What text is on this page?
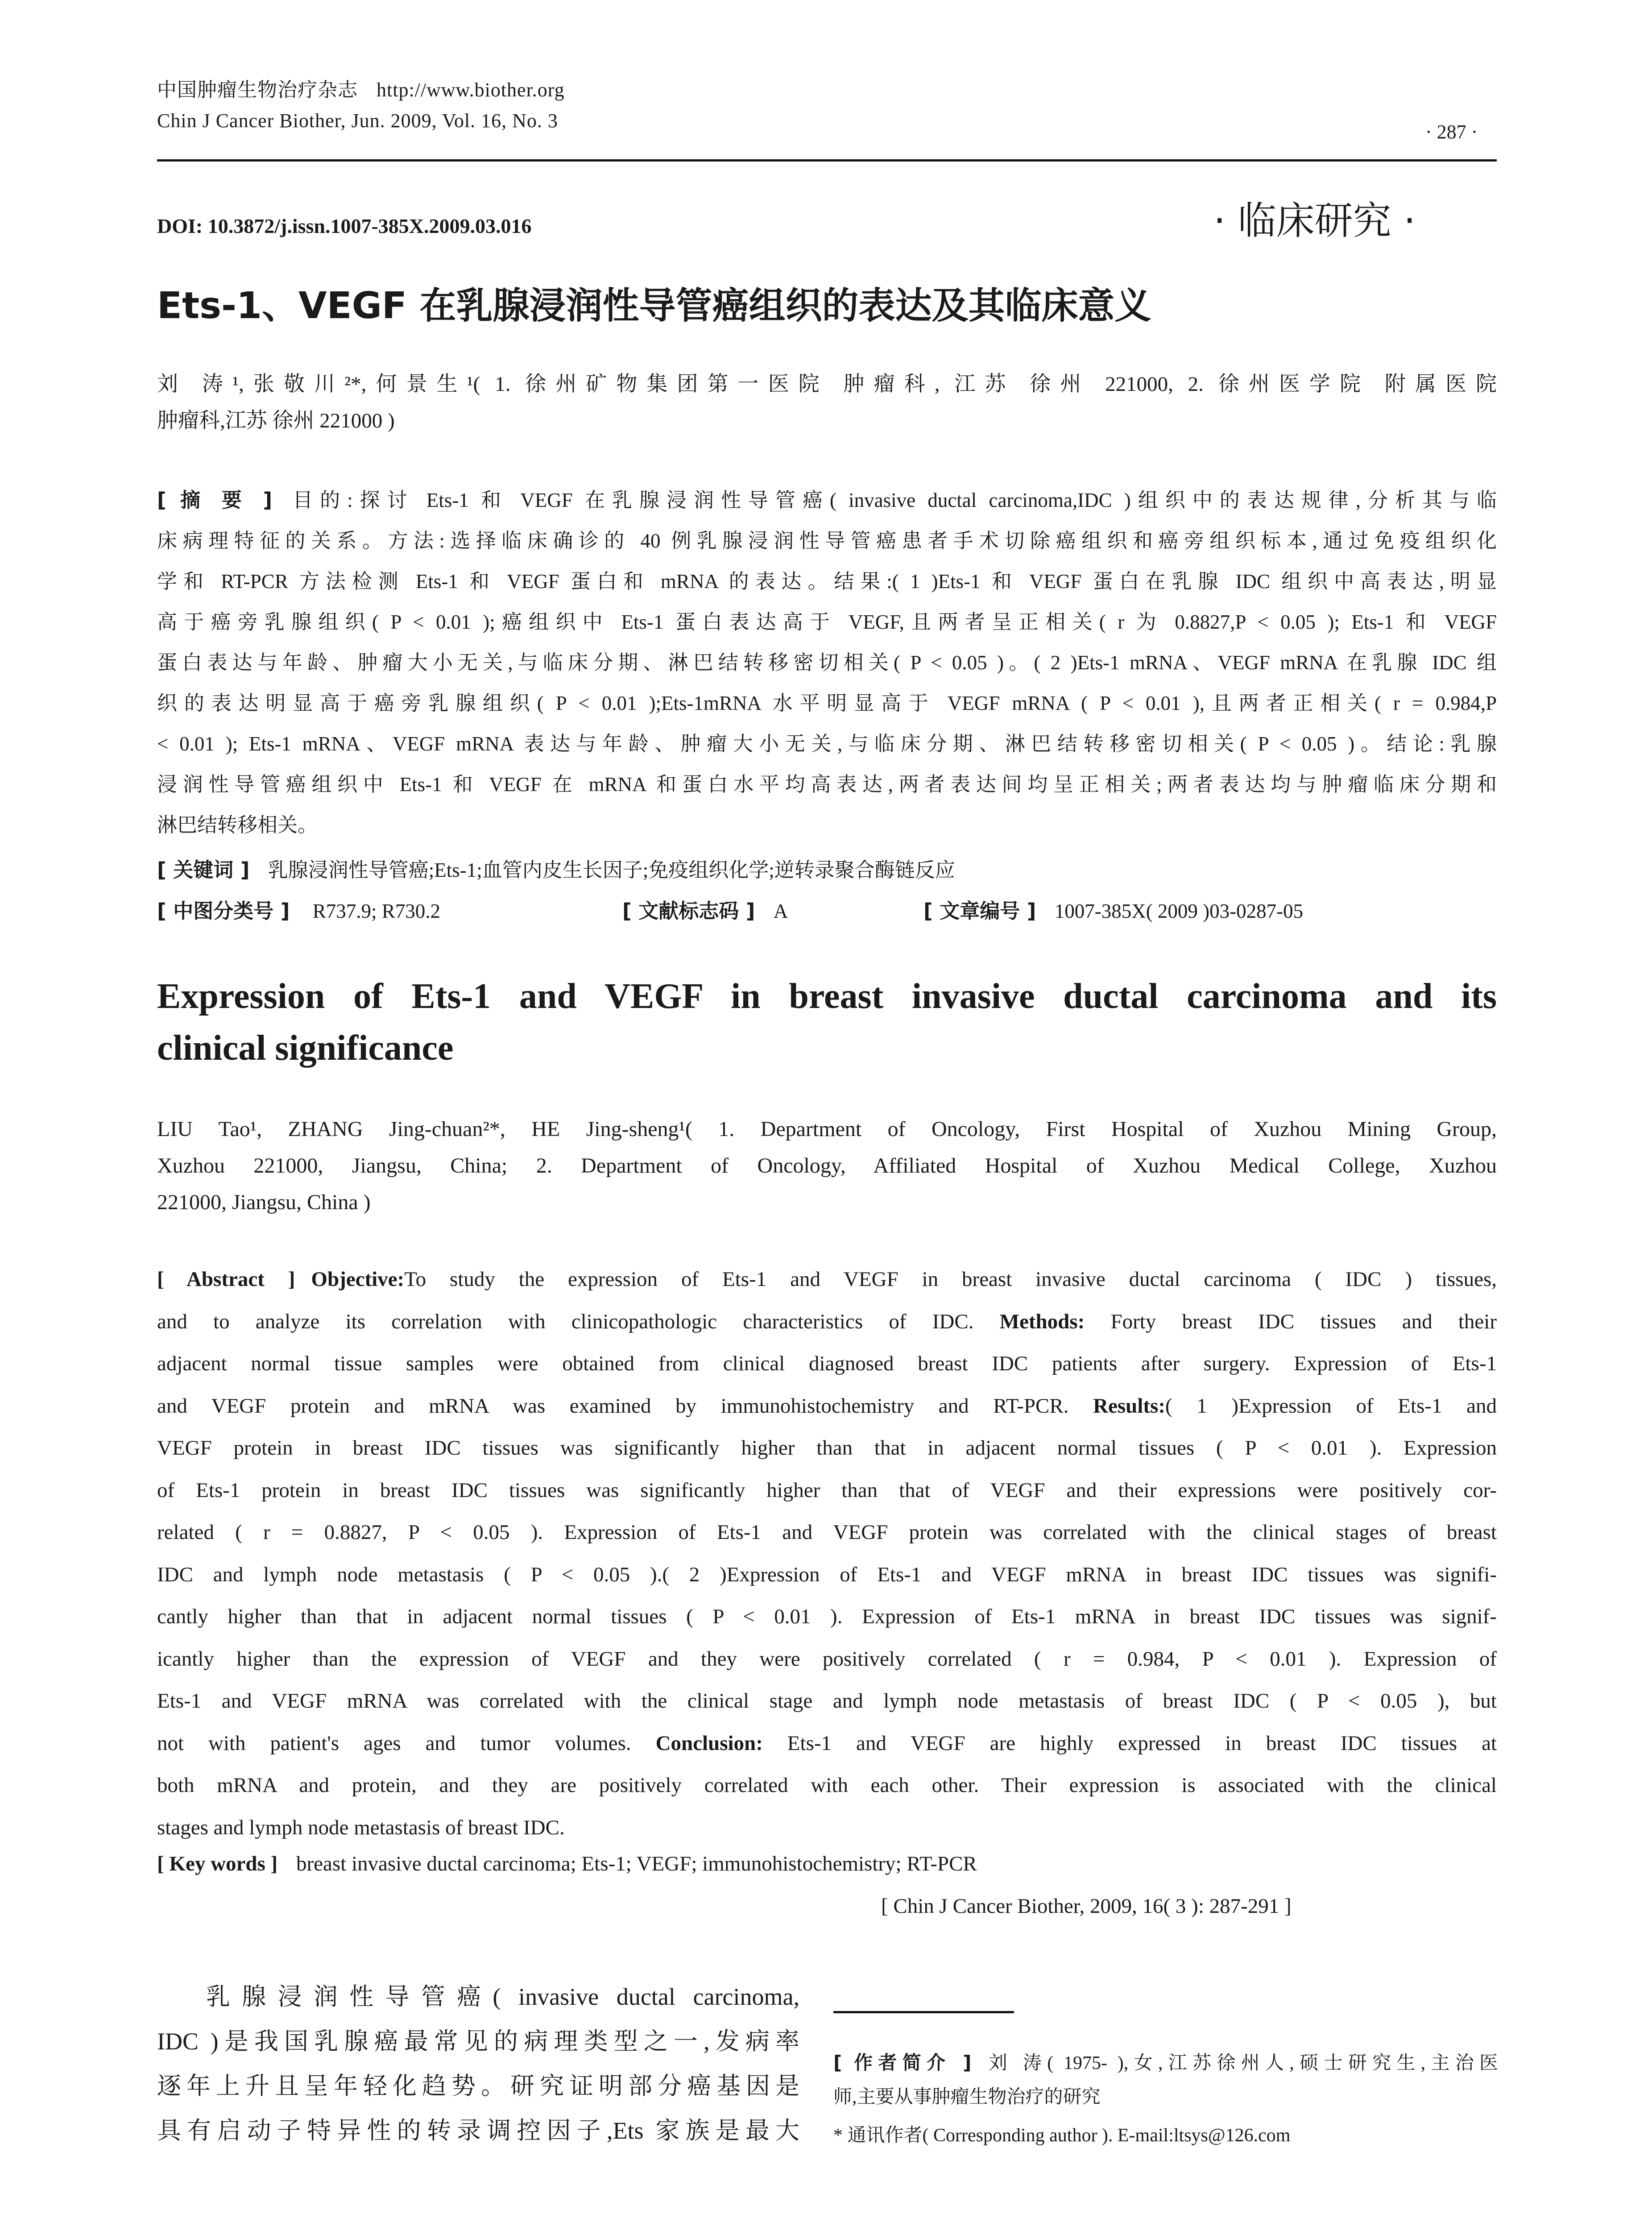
中国肿瘤生物治疗杂志 http://www.biother.org
Chin J Cancer Biother, Jun. 2009, Vol. 16, No. 3
· 287 ·
DOI: 10.3872/j.issn.1007-385X.2009.03.016	· 临床研究 ·
Ets-1、VEGF 在乳腺浸润性导管癌组织的表达及其临床意义
刘 涛¹,张敬川²*,何景生¹( 1. 徐州矿物集团第一医院 肿瘤科, 江苏 徐州 221000, 2. 徐州医学院 附属医院
肿瘤科,江苏 徐州 221000 )
[ 摘 要 ] 目的:探讨 Ets-1 和 VEGF 在乳腺浸润性导管癌( invasive ductal carcinoma,IDC )组织中的表达规律,分析其与临
床病理特征的关系。方法:选择临床确诊的 40 例乳腺浸润性导管癌患者手术切除癌组织和癌旁组织标本,通过免疫组织化
学和 RT-PCR 方法检测 Ets-1 和 VEGF 蛋白和 mRNA 的表达。结果:( 1 )Ets-1 和 VEGF 蛋白在乳腺 IDC 组织中高表达,明显
高于癌旁乳腺组织( P < 0.01 );癌组织中 Ets-1 蛋白表达高于 VEGF,且两者呈正相关( r 为 0.8827,P < 0.05 ); Ets-1 和 VEGF
蛋白表达与年龄、肿瘤大小无关,与临床分期、淋巴结转移密切相关( P < 0.05 )。( 2 )Ets-1 mRNA、VEGF mRNA 在乳腺 IDC 组
织的表达明显高于癌旁乳腺组织( P < 0.01 );Ets-1mRNA 水平明显高于 VEGF mRNA ( P < 0.01 ),且两者正相关( r = 0.984,P
< 0.01 ); Ets-1 mRNA、VEGF mRNA 表达与年龄、肿瘤大小无关,与临床分期、淋巴结转移密切相关( P < 0.05 )。结论:乳腺
浸润性导管癌组织中 Ets-1 和 VEGF 在 mRNA 和蛋白水平均高表达,两者表达间均呈正相关;两者表达均与肿瘤临床分期和
淋巴结转移相关。
[ 关键词 ] 乳腺浸润性导管癌;Ets-1;血管内皮生长因子;免疫组织化学;逆转录聚合酶链反应
[ 中图分类号 ] R737.9; R730.2	[ 文献标志码 ] A	[ 文章编号 ] 1007-385X( 2009 )03-0287-05
Expression of Ets-1 and VEGF in breast invasive ductal carcinoma and its
clinical significance
LIU Tao¹, ZHANG Jing-chuan²*, HE Jing-sheng¹( 1. Department of Oncology, First Hospital of Xuzhou Mining Group,
Xuzhou 221000, Jiangsu, China; 2. Department of Oncology, Affiliated Hospital of Xuzhou Medical College, Xuzhou
221000, Jiangsu, China )
[ Abstract ] Objective:To study the expression of Ets-1 and VEGF in breast invasive ductal carcinoma ( IDC ) tissues,
and to analyze its correlation with clinicopathologic characteristics of IDC. Methods: Forty breast IDC tissues and their
adjacent normal tissue samples were obtained from clinical diagnosed breast IDC patients after surgery. Expression of Ets-1
and VEGF protein and mRNA was examined by immunohistochemistry and RT-PCR. Results:( 1 )Expression of Ets-1 and
VEGF protein in breast IDC tissues was significantly higher than that in adjacent normal tissues ( P < 0.01 ). Expression
of Ets-1 protein in breast IDC tissues was significantly higher than that of VEGF and their expressions were positively cor-
related ( r = 0.8827, P < 0.05 ). Expression of Ets-1 and VEGF protein was correlated with the clinical stages of breast
IDC and lymph node metastasis ( P < 0.05 ).( 2 )Expression of Ets-1 and VEGF mRNA in breast IDC tissues was signifi-
cantly higher than that in adjacent normal tissues ( P < 0.01 ). Expression of Ets-1 mRNA in breast IDC tissues was signif-
icantly higher than the expression of VEGF and they were positively correlated ( r = 0.984, P < 0.01 ). Expression of
Ets-1 and VEGF mRNA was correlated with the clinical stage and lymph node metastasis of breast IDC ( P < 0.05 ), but
not with patient's ages and tumor volumes. Conclusion: Ets-1 and VEGF are highly expressed in breast IDC tissues at
both mRNA and protein, and they are positively correlated with each other. Their expression is associated with the clinical
stages and lymph node metastasis of breast IDC.
[ Key words ] breast invasive ductal carcinoma; Ets-1; VEGF; immunohistochemistry; RT-PCR
[ Chin J Cancer Biother, 2009, 16( 3 ): 287-291 ]
乳腺浸润性导管癌( invasive ductal carcinoma,
IDC )是我国乳腺癌最常见的病理类型之一,发病率
逐年上升且呈年轻化趋势。研究证明部分癌基因是
具有启动子特异性的转录调控因子,Ets 家族是最大
[ 作者简介 ] 刘 涛( 1975- ),女,江苏徐州人,硕士研究生,主治医
师,主要从事肿瘤生物治疗的研究
* 通讯作者( Corresponding author ). E-mail:ltsys@126.com
